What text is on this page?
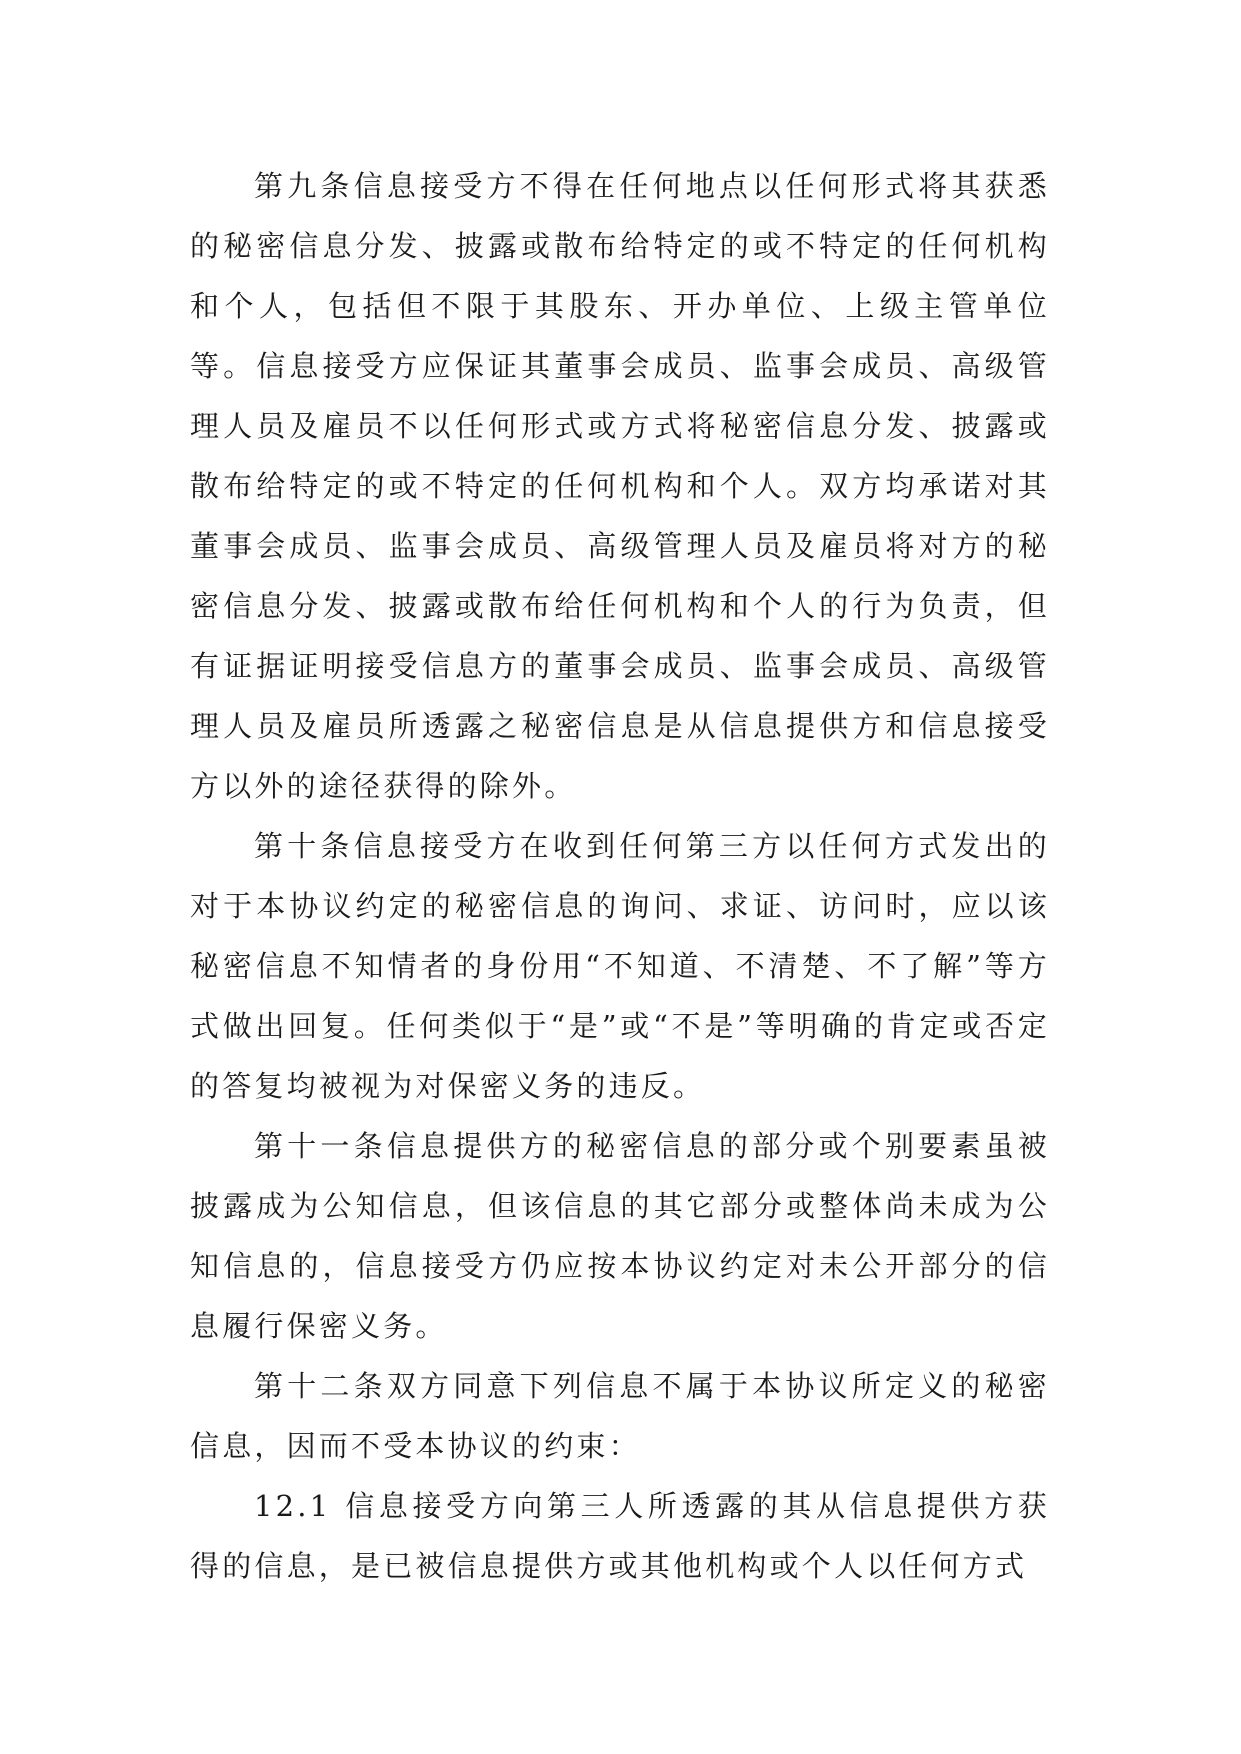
第九条信息接受方不得在任何地点以任何形式将其获悉的秘密信息分发、披露或散布给特定的或不特定的任何机构和个人，包括但不限于其股东、开办单位、上级主管单位等。信息接受方应保证其董事会成员、监事会成员、高级管理人员及雇员不以任何形式或方式将秘密信息分发、披露或散布给特定的或不特定的任何机构和个人。双方均承诺对其董事会成员、监事会成员、高级管理人员及雇员将对方的秘密信息分发、披露或散布给任何机构和个人的行为负责，但有证据证明接受信息方的董事会成员、监事会成员、高级管理人员及雇员所透露之秘密信息是从信息提供方和信息接受方以外的途径获得的除外。

第十条信息接受方在收到任何第三方以任何方式发出的对于本协议约定的秘密信息的询问、求证、访问时，应以该秘密信息不知情者的身份用“不知道、不清楚、不了解”等方式做出回复。任何类似于“是”或“不是”等明确的肯定或否定的答复均被视为对保密义务的违反。

第十一条信息提供方的秘密信息的部分或个别要素虽被披露成为公知信息，但该信息的其它部分或整体尚未成为公知信息的，信息接受方仍应按本协议约定对未公开部分的信息履行保密义务。

第十二条双方同意下列信息不属于本协议所定义的秘密信息，因而不受本协议的约束：

12.1 信息接受方向第三人所透露的其从信息提供方获得的信息，是已被信息提供方或其他机构或个人以任何方式
